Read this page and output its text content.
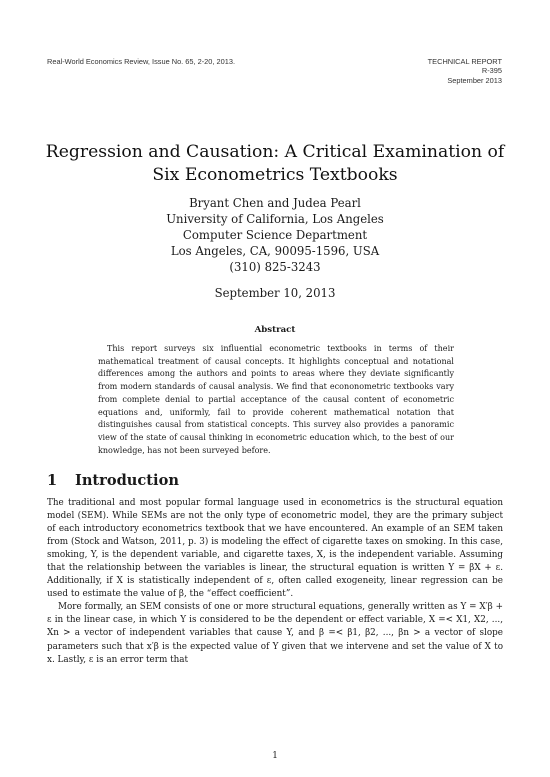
Real-World Economics Review, Issue No. 65, 2-20, 2013.	TECHNICAL REPORT
R-395
September 2013
Regression and Causation: A Critical Examination of
Six Econometrics Textbooks
Bryant Chen and Judea Pearl
University of California, Los Angeles
Computer Science Department
Los Angeles, CA, 90095-1596, USA
(310) 825-3243
September 10, 2013
Abstract

This report surveys six influential econometric textbooks in terms of their mathematical treatment of causal concepts. It highlights conceptual and notational differences among the authors and points to areas where they deviate significantly from modern standards of causal analysis. We find that econonometric textbooks vary from complete denial to partial acceptance of the causal content of econometric equations and, uniformly, fail to provide coherent mathematical notation that distinguishes causal from statistical concepts. This survey also provides a panoramic view of the state of causal thinking in econometric education which, to the best of our knowledge, has not been surveyed before.

1 Introduction

The traditional and most popular formal language used in econometrics is the structural equation model (SEM). While SEMs are not the only type of econometric model, they are the primary subject of each introductory econometrics textbook that we have encountered. An example of an SEM taken from (Stock and Watson, 2011, p. 3) is modeling the effect of cigarette taxes on smoking. In this case, smoking, Y, is the dependent variable, and cigarette taxes, X, is the independent variable. Assuming that the relationship between the variables is linear, the structural equation is written Y = βX + ε. Additionally, if X is statistically independent of ε, often called exogeneity, linear regression can be used to estimate the value of β, the “effect coefficient”.

More formally, an SEM consists of one or more structural equations, generally written as Y = X′β + ε in the linear case, in which Y is considered to be the dependent or effect variable, X =< X1, X2, ..., Xn > a vector of independent variables that cause Y, and β =< β1, β2, ..., βn > a vector of slope parameters such that x′β is the expected value of Y given that we intervene and set the value of X to x. Lastly, ε is an error term that

1
